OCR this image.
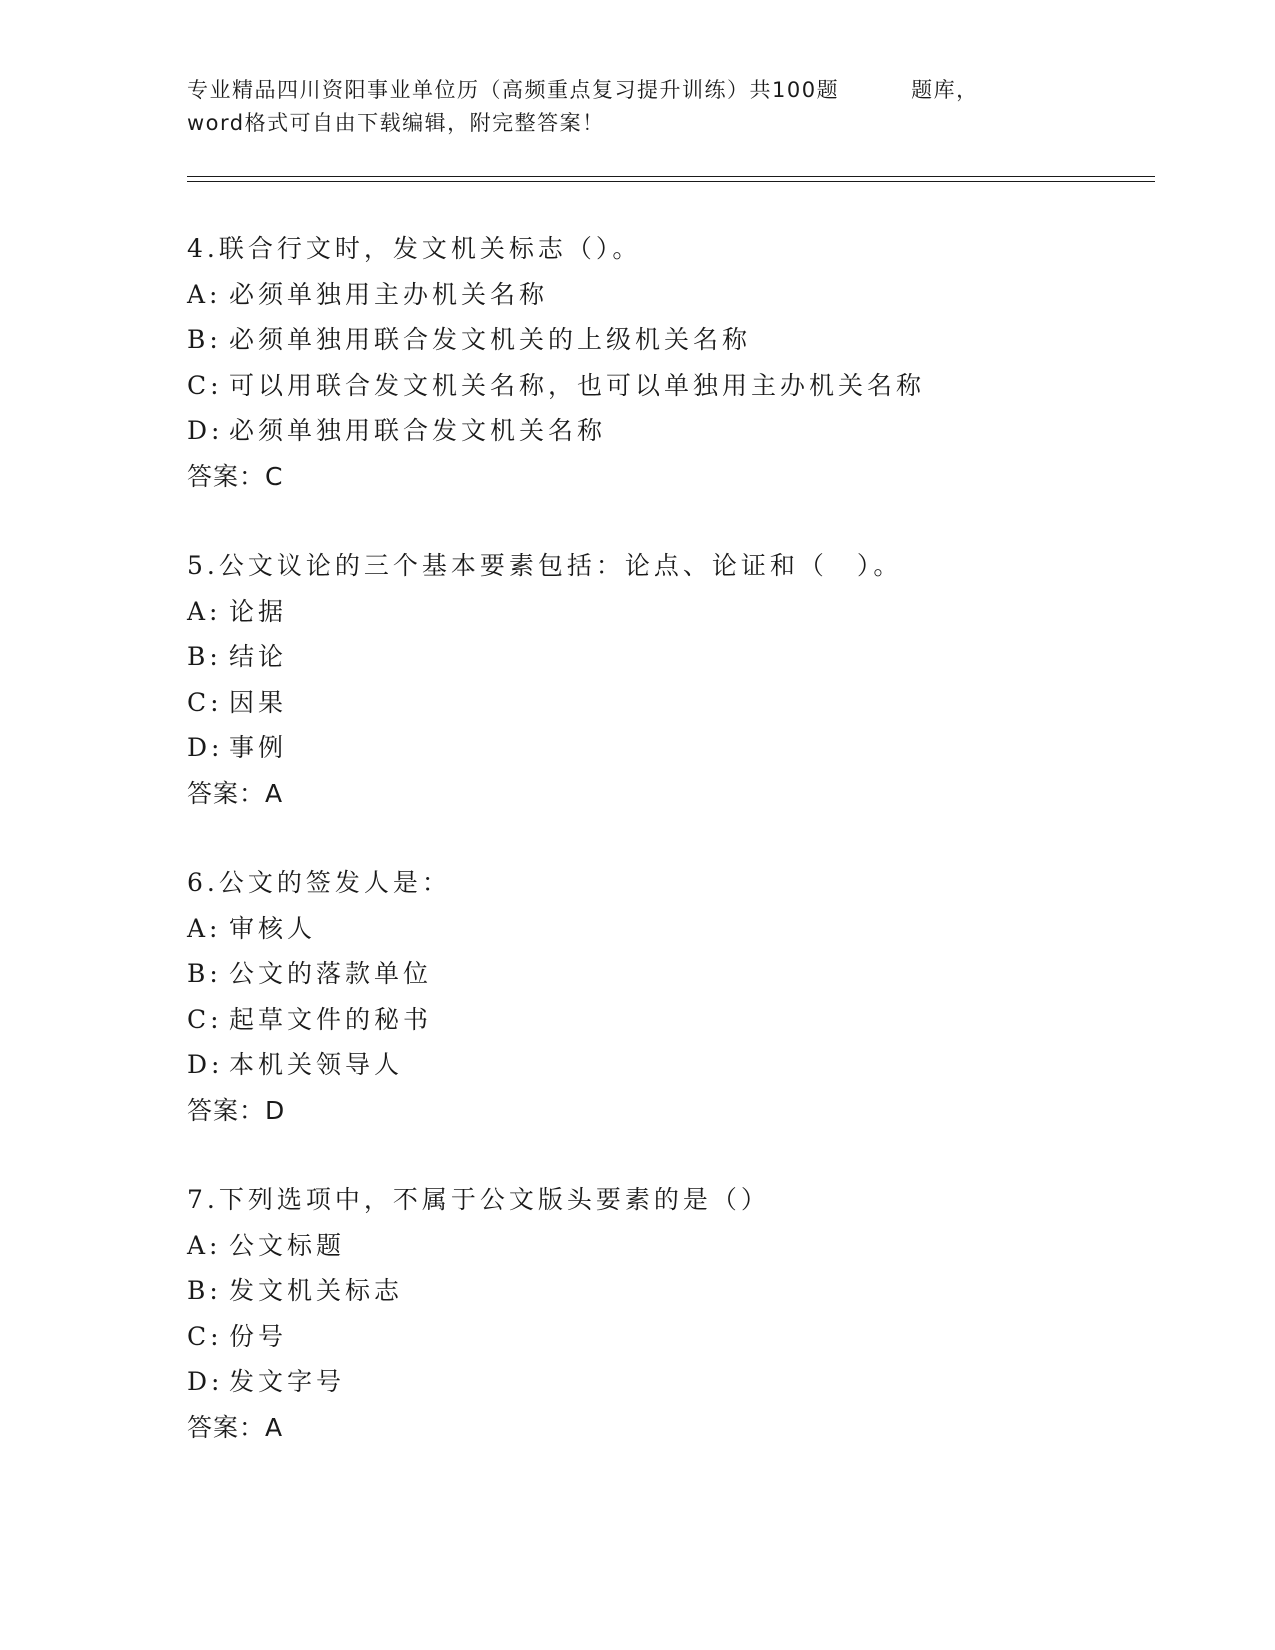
专业精品四川资阳事业单位历（高频重点复习提升训练）共100题	题库，
word格式可自由下载编辑，附完整答案！
4.联合行文时，发文机关标志（）。
A: 必须单独用主办机关名称
B: 必须单独用联合发文机关的上级机关名称
C: 可以用联合发文机关名称，也可以单独用主办机关名称
D: 必须单独用联合发文机关名称
答案：C
5.公文议论的三个基本要素包括：论点、论证和（　）。
A: 论据
B: 结论
C: 因果
D: 事例
答案：A
6.公文的签发人是：
A: 审核人
B: 公文的落款单位
C: 起草文件的秘书
D: 本机关领导人
答案：D
7.下列选项中，不属于公文版头要素的是（）
A: 公文标题
B: 发文机关标志
C: 份号
D: 发文字号
答案：A
